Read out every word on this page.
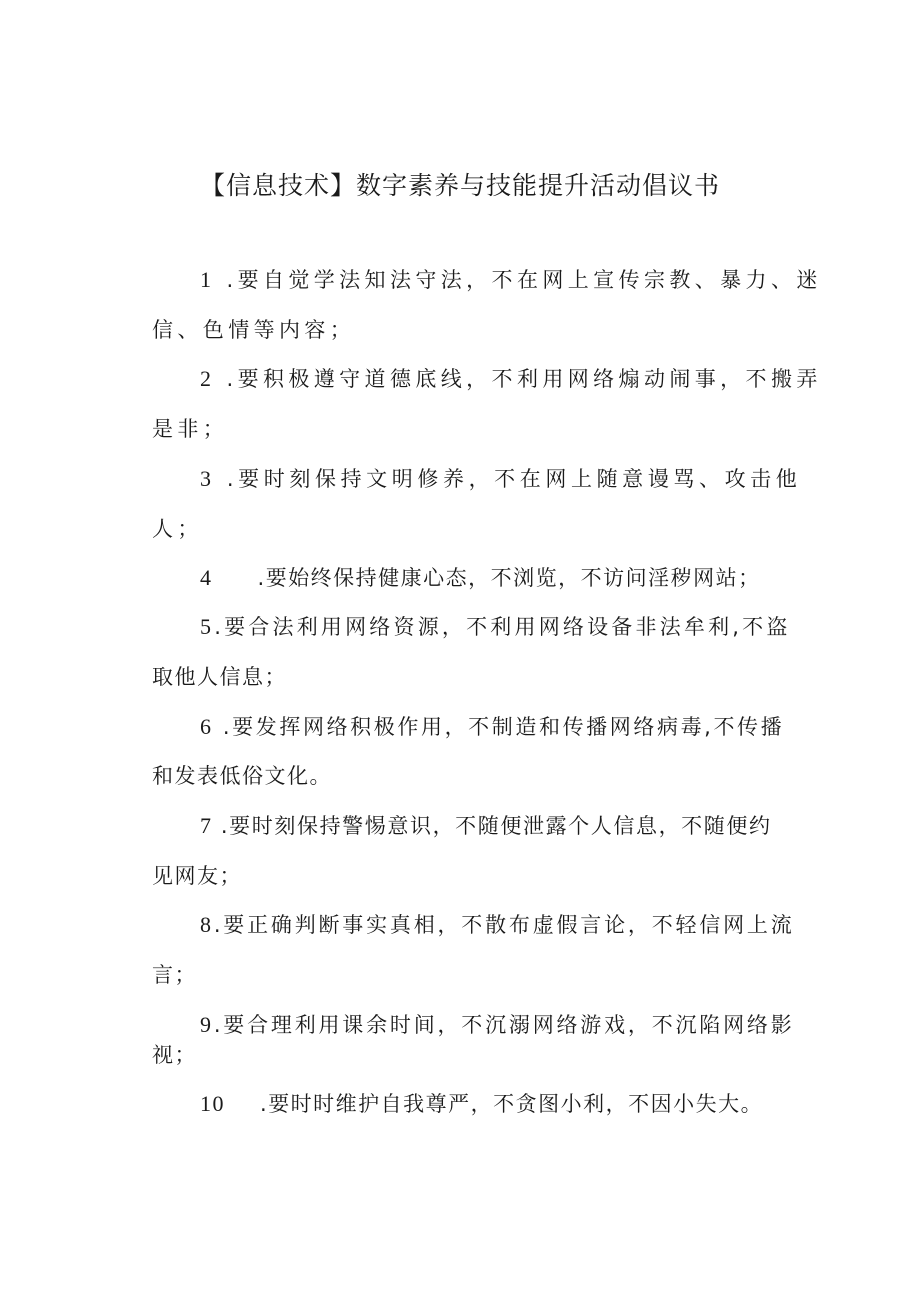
【信息技术】数字素养与技能提升活动倡议书
1 .要自觉学法知法守法，不在网上宣传宗教、暴力、迷
信、色情等内容；
2 .要积极遵守道德底线，不利用网络煽动闹事，不搬弄
是非；
3 .要时刻保持文明修养，不在网上随意谩骂、攻击他
人；
4 .要始终保持健康心态，不浏览，不访问淫秽网站；
5.要合法利用网络资源，不利用网络设备非法牟利,不盗
取他人信息；
6 .要发挥网络积极作用，不制造和传播网络病毒,不传播
和发表低俗文化。
7 .要时刻保持警惕意识，不随便泄露个人信息，不随便约
见网友；
8.要正确判断事实真相，不散布虚假言论，不轻信网上流
言；
9.要合理利用课余时间，不沉溺网络游戏，不沉陷网络影
视；
10 .要时时维护自我尊严，不贪图小利，不因小失大。
